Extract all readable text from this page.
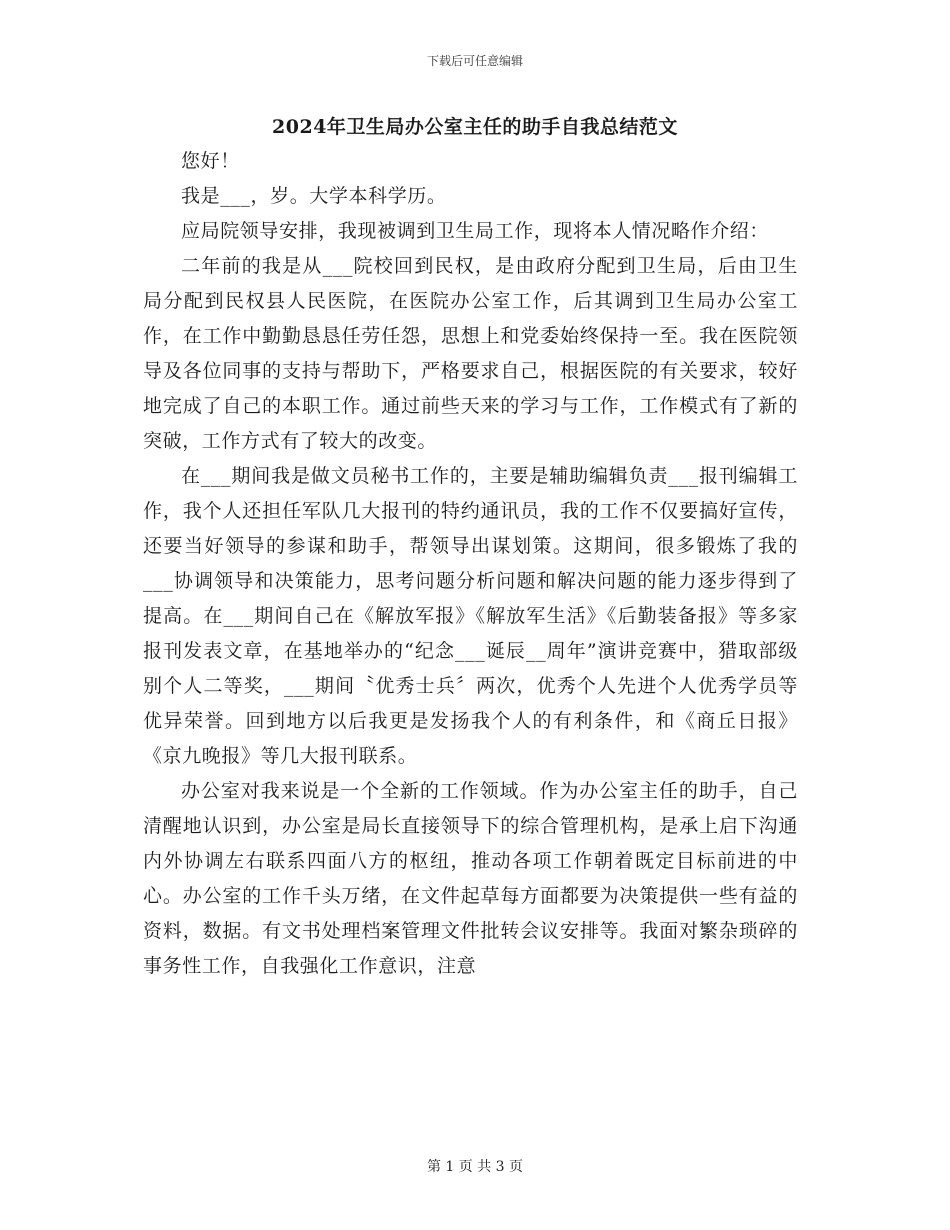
下载后可任意编辑
2024年卫生局办公室主任的助手自我总结范文

您好！

我是___，岁。大学本科学历。

应局院领导安排，我现被调到卫生局工作，现将本人情况略作介绍：

二年前的我是从___院校回到民权，是由政府分配到卫生局，后由卫生局分配到民权县人民医院，在医院办公室工作，后其调到卫生局办公室工作，在工作中勤勤恳恳任劳任怨，思想上和党委始终保持一至。我在医院领导及各位同事的支持与帮助下，严格要求自己，根据医院的有关要求，较好地完成了自己的本职工作。通过前些天来的学习与工作，工作模式有了新的突破，工作方式有了较大的改变。

在___期间我是做文员秘书工作的，主要是辅助编辑负责___报刊编辑工作，我个人还担任军队几大报刊的特约通讯员，我的工作不仅要搞好宣传，还要当好领导的参谋和助手，帮领导出谋划策。这期间，很多锻炼了我的___协调领导和决策能力，思考问题分析问题和解决问题的能力逐步得到了提高。在___期间自己在《解放军报》《解放军生活》《后勤装备报》等多家报刊发表文章，在基地举办的“纪念___诞辰__周年”演讲竞赛中，猎取部级别个人二等奖，___期间〝优秀士兵〞两次，优秀个人先进个人优秀学员等优异荣誉。回到地方以后我更是发扬我个人的有利条件，和《商丘日报》《京九晚报》等几大报刊联系。

办公室对我来说是一个全新的工作领域。作为办公室主任的助手，自己清醒地认识到，办公室是局长直接领导下的综合管理机构，是承上启下沟通内外协调左右联系四面八方的枢纽，推动各项工作朝着既定目标前进的中心。办公室的工作千头万绪，在文件起草每方面都要为决策提供一些有益的资料，数据。有文书处理档案管理文件批转会议安排等。我面对繁杂琐碎的事务性工作，自我强化工作意识，注意

第 1 页 共 3 页
